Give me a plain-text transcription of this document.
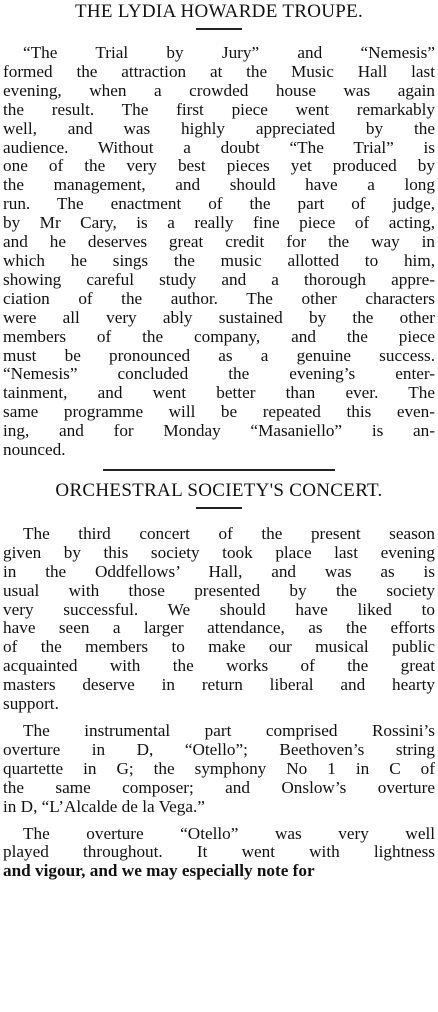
THE LYDIA HOWARDE TROUPE.
“The Trial by Jury” and “Nemesis”
formed the attraction at the Music Hall last
evening, when a crowded house was again
the result. The first piece went remarkably
well, and was highly appreciated by the
audience. Without a doubt “The Trial” is
one of the very best pieces yet produced by
the management, and should have a long
run. The enactment of the part of judge,
by Mr Cary, is a really fine piece of acting,
and he deserves great credit for the way in
which he sings the music allotted to him,
showing careful study and a thorough appre-
ciation of the author. The other characters
were all very ably sustained by the other
members of the company, and the piece
must be pronounced as a genuine success.
“Nemesis” concluded the evening’s enter-
tainment, and went better than ever. The
same programme will be repeated this even-
ing, and for Monday “Masaniello” is an-
nounced.
ORCHESTRAL SOCIETY'S CONCERT.
The third concert of the present season
given by this society took place last evening
in the Oddfellows’ Hall, and was as is
usual with those presented by the society
very successful. We should have liked to
have seen a larger attendance, as the efforts
of the members to make our musical public
acquainted with the works of the great
masters deserve in return liberal and hearty
support.
The instrumental part comprised Rossini’s
overture in D, “Otello”; Beethoven’s string
quartette in G; the symphony No 1 in C of
the same composer; and Onslow’s overture
in D, “L’Alcalde de la Vega.”
The overture “Otello” was very well
played throughout. It went with lightness
and vigour, and we may especially note for
